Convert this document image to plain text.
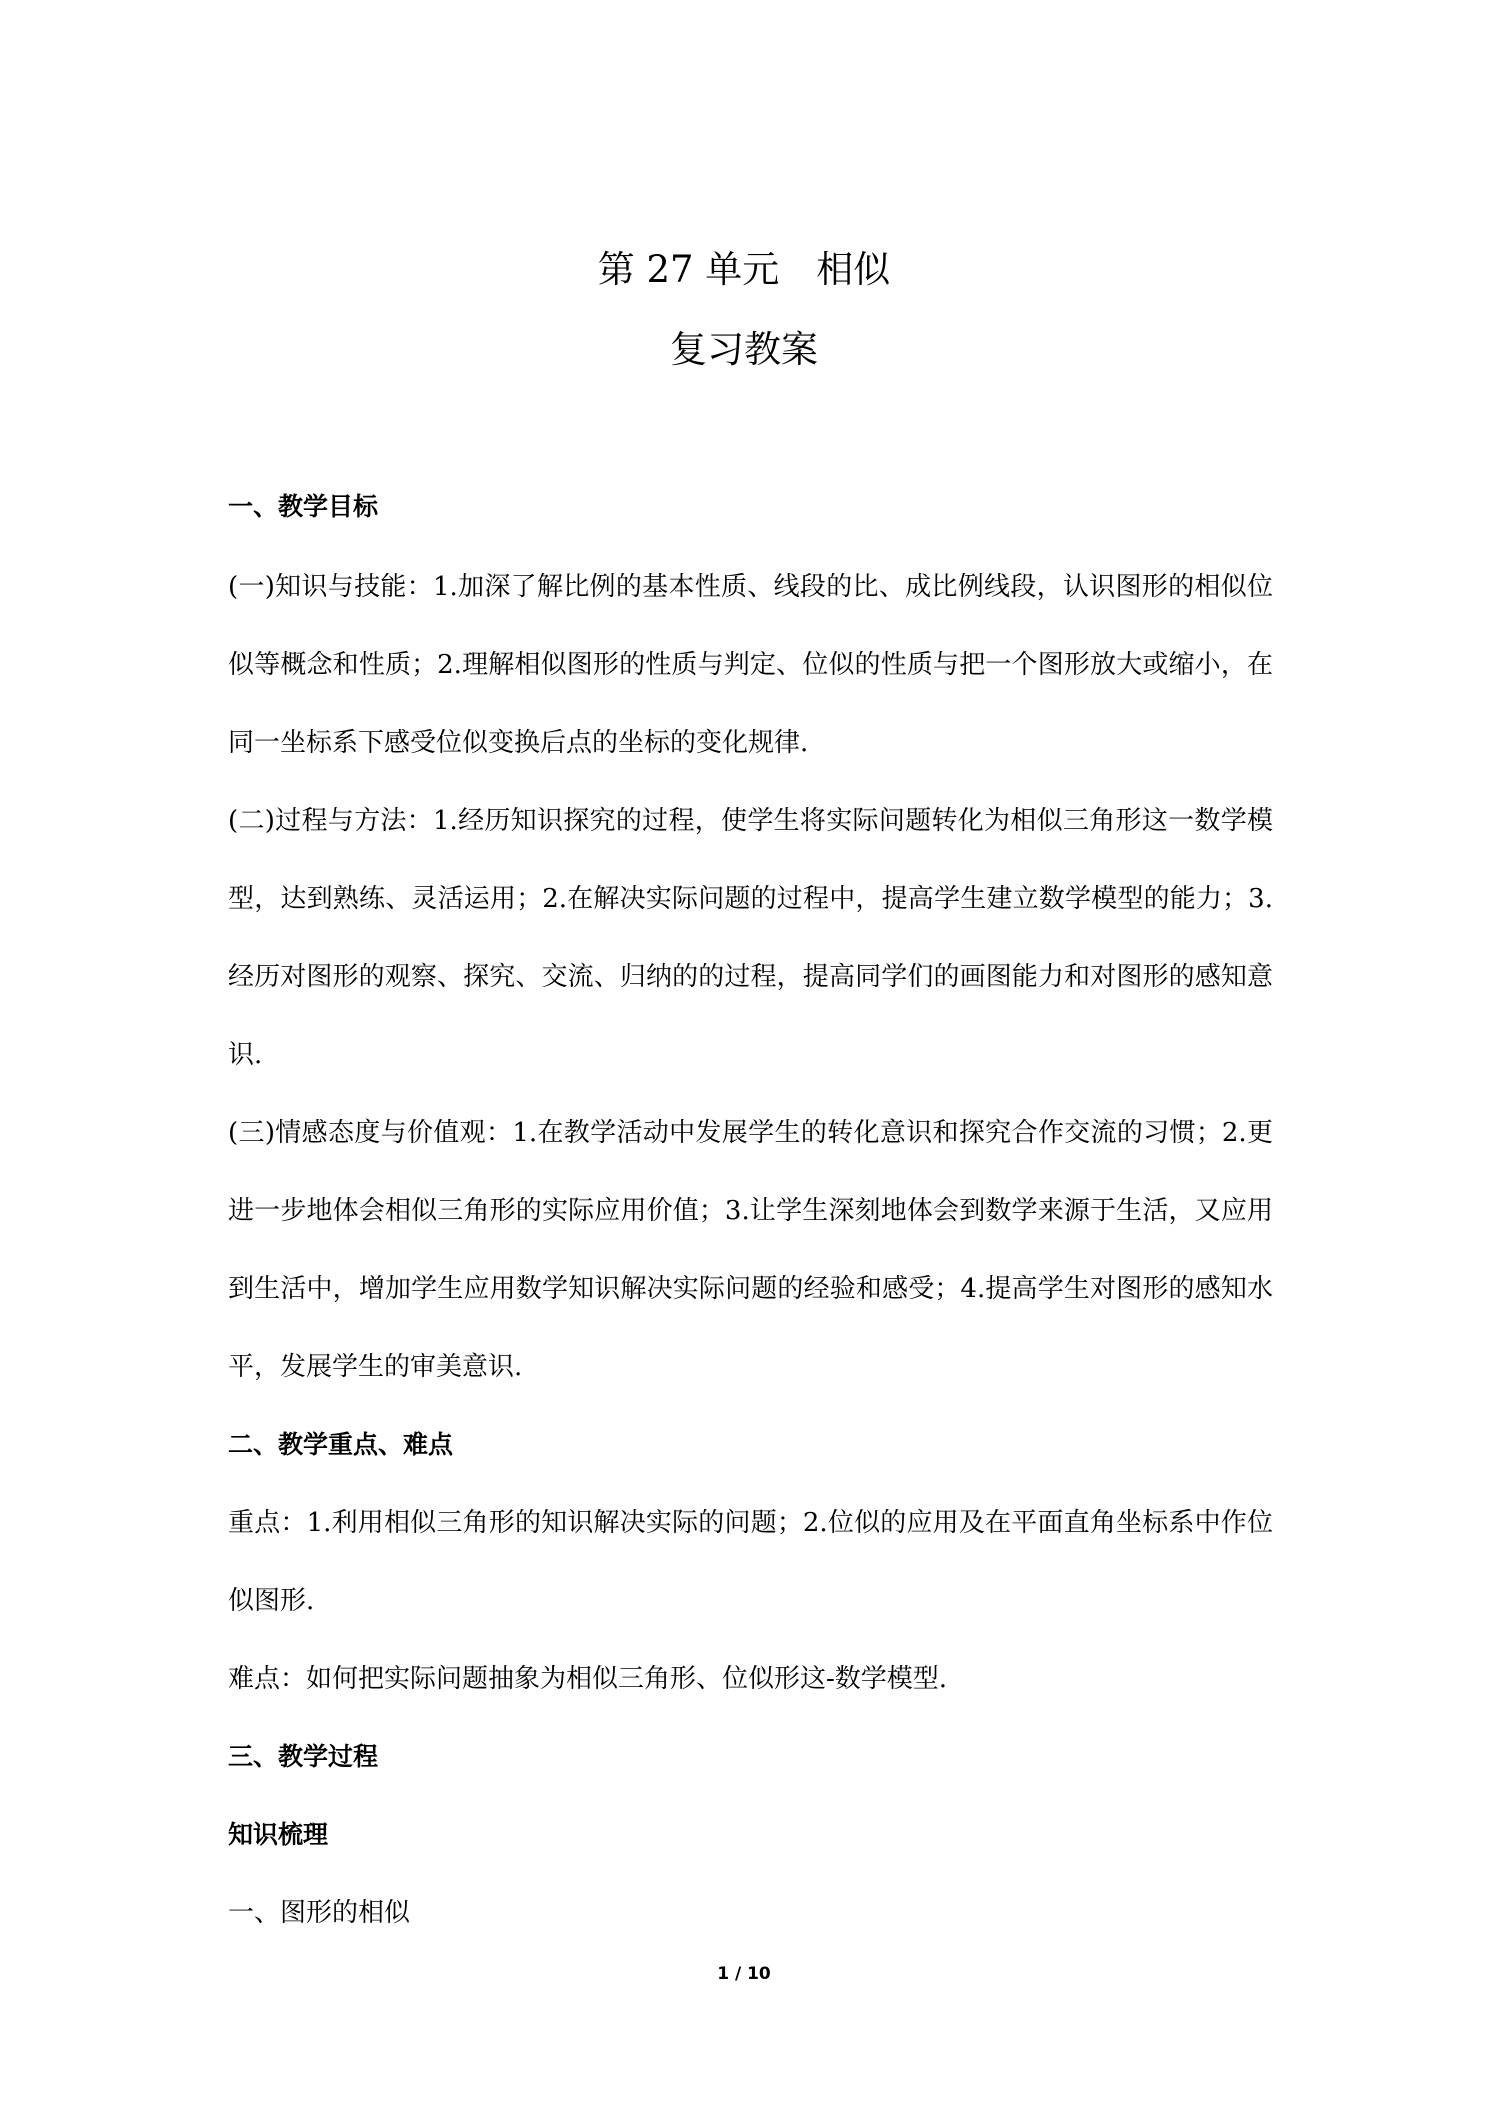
第 27 单元　相似
复习教案
一、教学目标
(一)知识与技能：1.加深了解比例的基本性质、线段的比、成比例线段，认识图形的相似位
似等概念和性质；2.理解相似图形的性质与判定、位似的性质与把一个图形放大或缩小，在
同一坐标系下感受位似变换后点的坐标的变化规律.
(二)过程与方法：1.经历知识探究的过程，使学生将实际问题转化为相似三角形这一数学模
型，达到熟练、灵活运用；2.在解决实际问题的过程中，提高学生建立数学模型的能力；3.
经历对图形的观察、探究、交流、归纳的的过程，提高同学们的画图能力和对图形的感知意
识.
(三)情感态度与价值观：1.在教学活动中发展学生的转化意识和探究合作交流的习惯；2.更
进一步地体会相似三角形的实际应用价值；3.让学生深刻地体会到数学来源于生活，又应用
到生活中，增加学生应用数学知识解决实际问题的经验和感受；4.提高学生对图形的感知水
平，发展学生的审美意识.
二、教学重点、难点
重点：1.利用相似三角形的知识解决实际的问题；2.位似的应用及在平面直角坐标系中作位
似图形.
难点：如何把实际问题抽象为相似三角形、位似形这-数学模型.
三、教学过程
知识梳理
一、图形的相似
1 / 10
